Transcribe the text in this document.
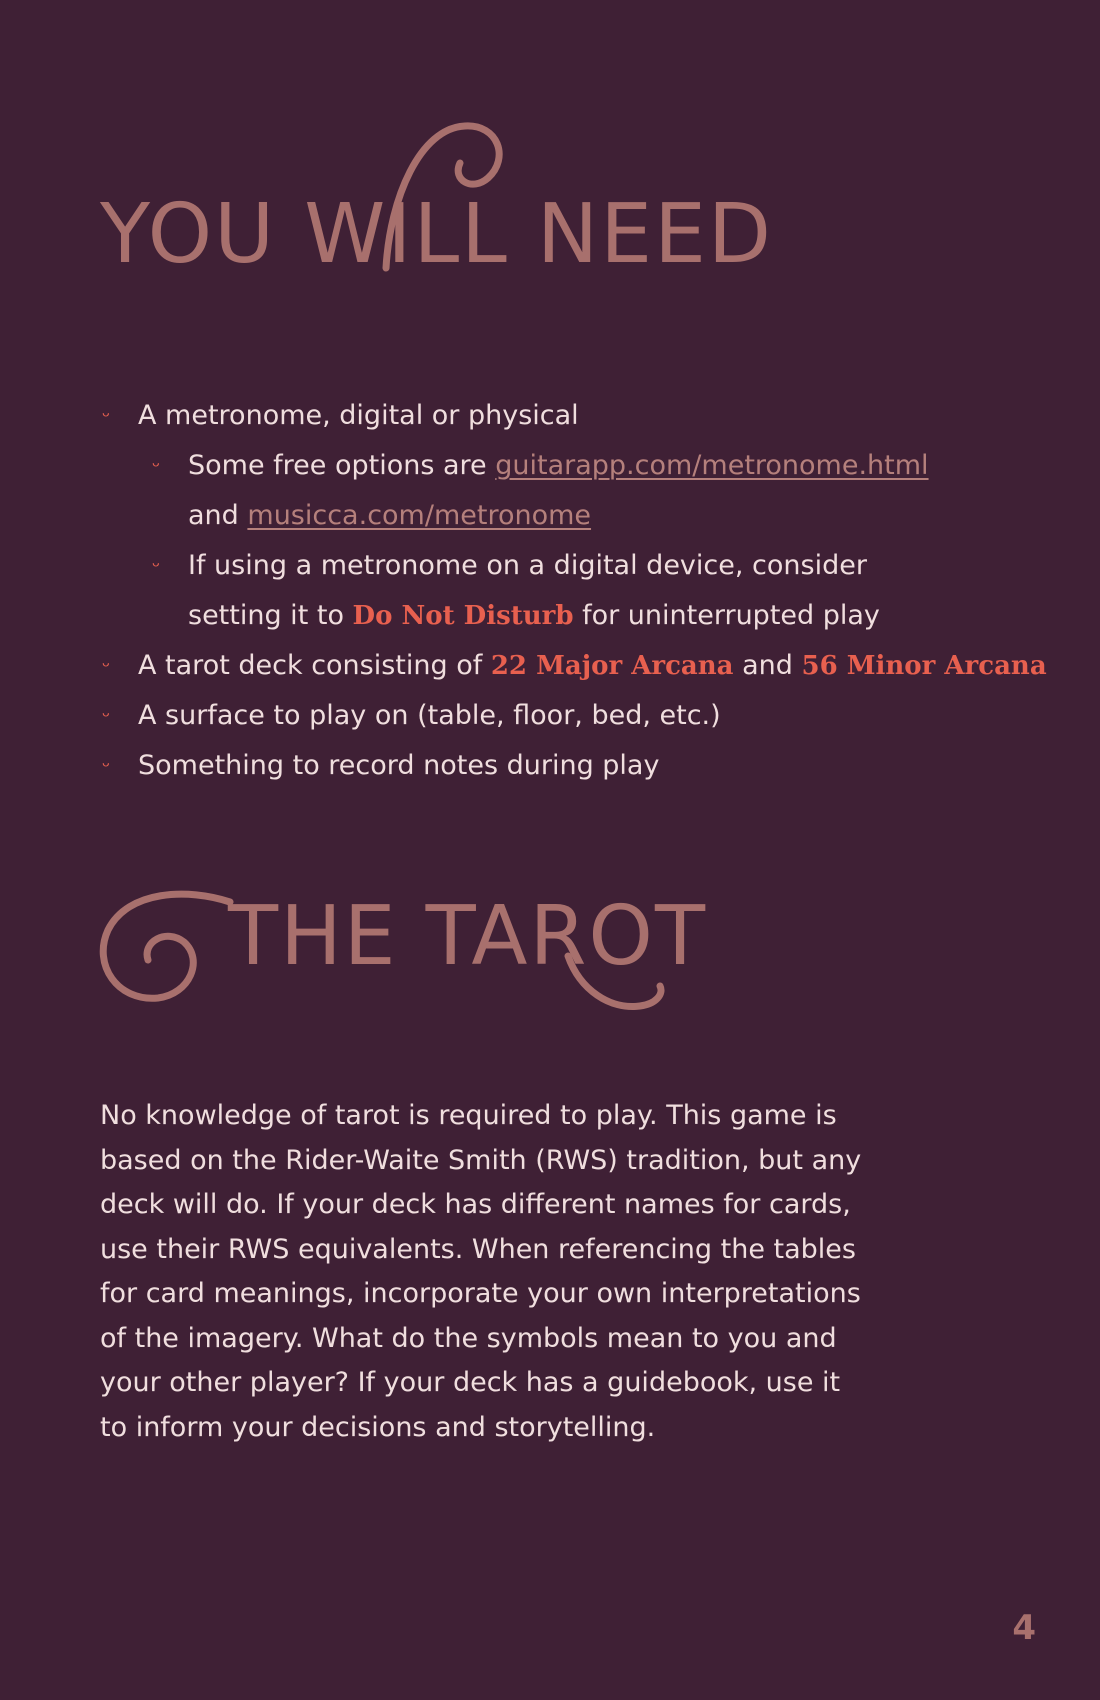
YOU WILL NEED
ᵕ A metronome, digital or physical
ᵕ Some free options are guitarapp.com/metronome.html
and musicca.com/metronome
ᵕ If using a metronome on a digital device, consider
setting it to Do Not Disturb for uninterrupted play
ᵕ A tarot deck consisting of 22 Major Arcana and 56 Minor Arcana
ᵕ A surface to play on (table, floor, bed, etc.)
ᵕ Something to record notes during play
THE TAROT

No knowledge of tarot is required to play. This game is
based on the Rider-Waite Smith (RWS) tradition, but any
deck will do. If your deck has different names for cards,
use their RWS equivalents. When referencing the tables
for card meanings, incorporate your own interpretations
of the imagery. What do the symbols mean to you and
your other player? If your deck has a guidebook, use it
to inform your decisions and storytelling.

4
